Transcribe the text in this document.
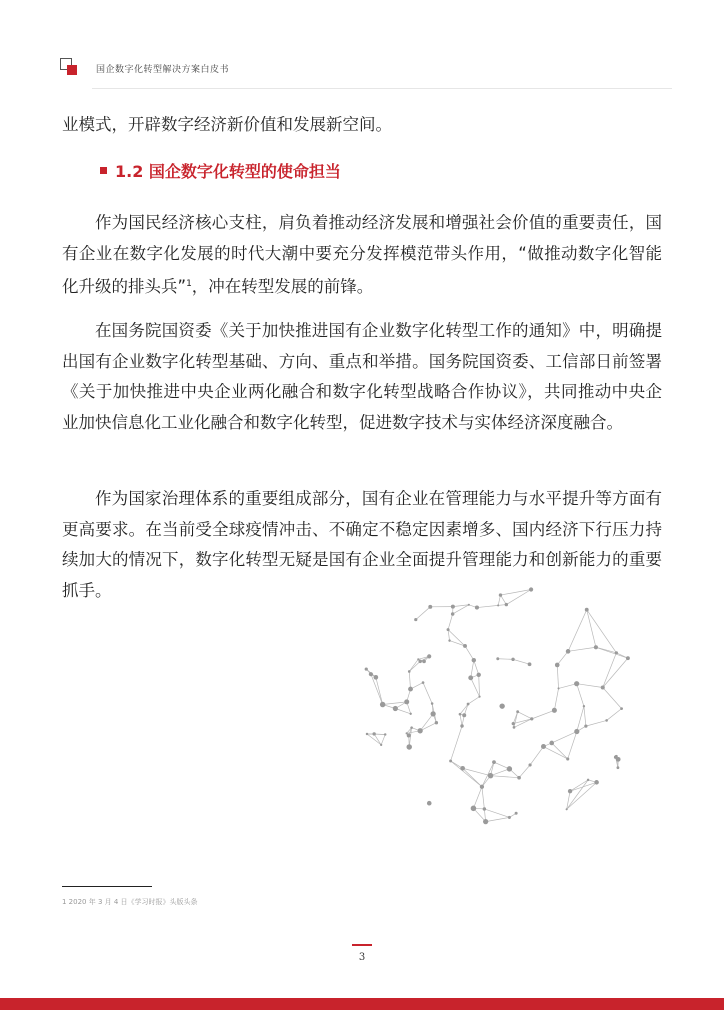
国企数字化转型解决方案白皮书

业模式，开辟数字经济新价值和发展新空间。

1.2 国企数字化转型的使命担当

作为国民经济核心支柱，肩负着推动经济发展和增强社会价值的重要责任，国有企业在数字化发展的时代大潮中要充分发挥模范带头作用，“做推动数字化智能化升级的排头兵”$^1$，冲在转型发展的前锋。

在国务院国资委《关于加快推进国有企业数字化转型工作的通知》中，明确提出国有企业数字化转型基础、方向、重点和举措。国务院国资委、工信部日前签署《关于加快推进中央企业两化融合和数字化转型战略合作协议》，共同推动中央企业加快信息化工业化融合和数字化转型，促进数字技术与实体经济深度融合。

作为国家治理体系的重要组成部分，国有企业在管理能力与水平提升等方面有更高要求。在当前受全球疫情冲击、不确定不稳定因素增多、国内经济下行压力持续加大的情况下，数字化转型无疑是国有企业全面提升管理能力和创新能力的重要抓手。

1 2020 年 3 月 4 日《学习时报》头版头条
3
